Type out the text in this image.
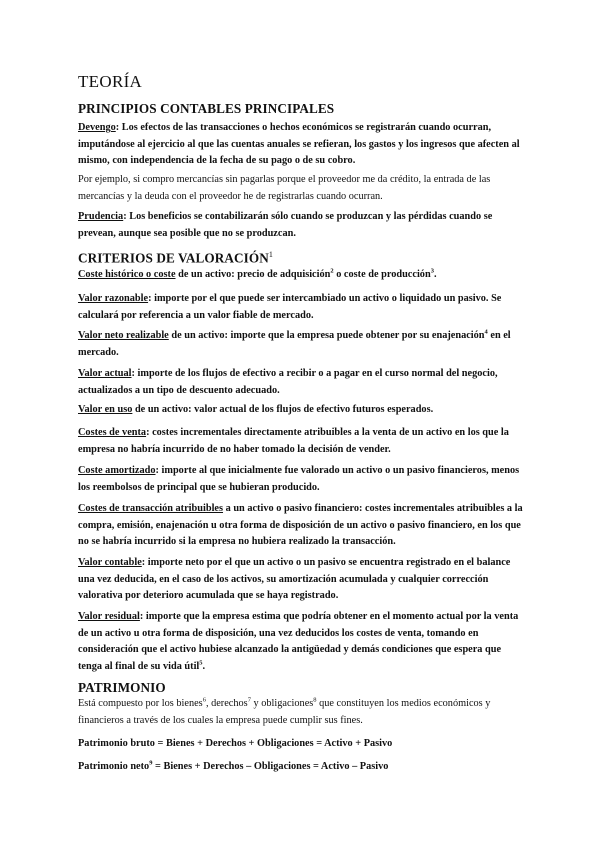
TEORÍA
PRINCIPIOS CONTABLES PRINCIPALES
Devengo: Los efectos de las transacciones o hechos económicos se registrarán cuando ocurran,
imputándose al ejercicio al que las cuentas anuales se refieran, los gastos y los ingresos que afecten al
mismo, con independencia de la fecha de su pago o de su cobro.
Por ejemplo, si compro mercancías sin pagarlas porque el proveedor me da crédito, la entrada de las
mercancías y la deuda con el proveedor he de registrarlas cuando ocurran.
Prudencia: Los beneficios se contabilizarán sólo cuando se produzcan y las pérdidas cuando se
prevean, aunque sea posible que no se produzcan.
CRITERIOS DE VALORACIÓN$^1$
Coste histórico o coste de un activo: precio de adquisición$^2$ o coste de producción$^3$.
Valor razonable: importe por el que puede ser intercambiado un activo o liquidado un pasivo. Se
calculará por referencia a un valor fiable de mercado.
Valor neto realizable de un activo: importe que la empresa puede obtener por su enajenación$^4$ en el
mercado.
Valor actual: importe de los flujos de efectivo a recibir o a pagar en el curso normal del negocio,
actualizados a un tipo de descuento adecuado.
Valor en uso de un activo: valor actual de los flujos de efectivo futuros esperados.
Costes de venta: costes incrementales directamente atribuibles a la venta de un activo en los que la
empresa no habría incurrido de no haber tomado la decisión de vender.
Coste amortizado: importe al que inicialmente fue valorado un activo o un pasivo financieros, menos
los reembolsos de principal que se hubieran producido.
Costes de transacción atribuibles a un activo o pasivo financiero: costes incrementales atribuibles a la
compra, emisión, enajenación u otra forma de disposición de un activo o pasivo financiero, en los que
no se habría incurrido si la empresa no hubiera realizado la transacción.
Valor contable: importe neto por el que un activo o un pasivo se encuentra registrado en el balance
una vez deducida, en el caso de los activos, su amortización acumulada y cualquier corrección
valorativa por deterioro acumulada que se haya registrado.
Valor residual: importe que la empresa estima que podría obtener en el momento actual por la venta
de un activo u otra forma de disposición, una vez deducidos los costes de venta, tomando en
consideración que el activo hubiese alcanzado la antigüedad y demás condiciones que espera que
tenga al final de su vida útil$^5$.
PATRIMONIO
Está compuesto por los bienes$^6$, derechos$^7$ y obligaciones$^8$ que constituyen los medios económicos y
financieros a través de los cuales la empresa puede cumplir sus fines.
Patrimonio bruto = Bienes + Derechos + Obligaciones = Activo + Pasivo
Patrimonio neto$^9$ = Bienes + Derechos – Obligaciones = Activo – Pasivo
